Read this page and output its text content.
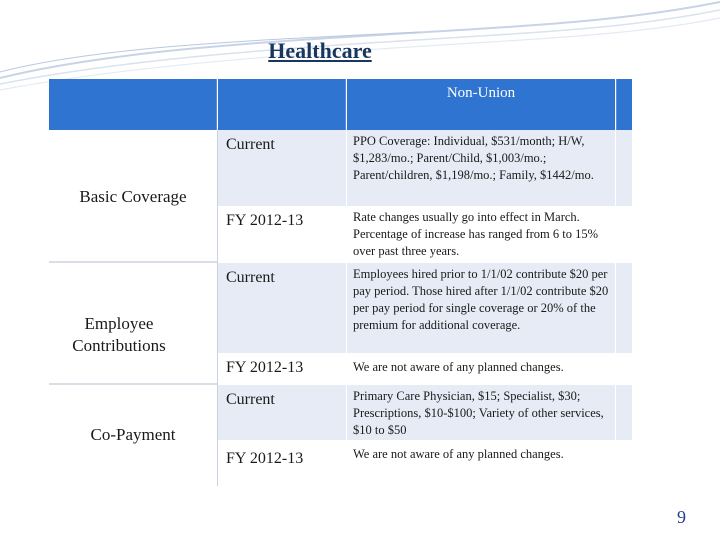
Healthcare
Non-Union
Basic Coverage
Current	PPO Coverage: Individual, $531/month; H/W, $1,283/mo.; Parent/Child, $1,003/mo.; Parent/children, $1,198/mo.; Family, $1442/mo.
FY 2012-13	Rate changes usually go into effect in March. Percentage of increase has ranged from 6 to 15% over past three years.
Employee Contributions
Current	Employees hired prior to 1/1/02 contribute $20 per pay period. Those hired after 1/1/02 contribute $20 per pay period for single coverage or 20% of the premium for additional coverage.
FY 2012-13	We are not aware of any planned changes.
Co-Payment
Current	Primary Care Physician, $15; Specialist, $30; Prescriptions, $10-$100; Variety of other services, $10 to $50
FY 2012-13	We are not aware of any planned changes.
9
